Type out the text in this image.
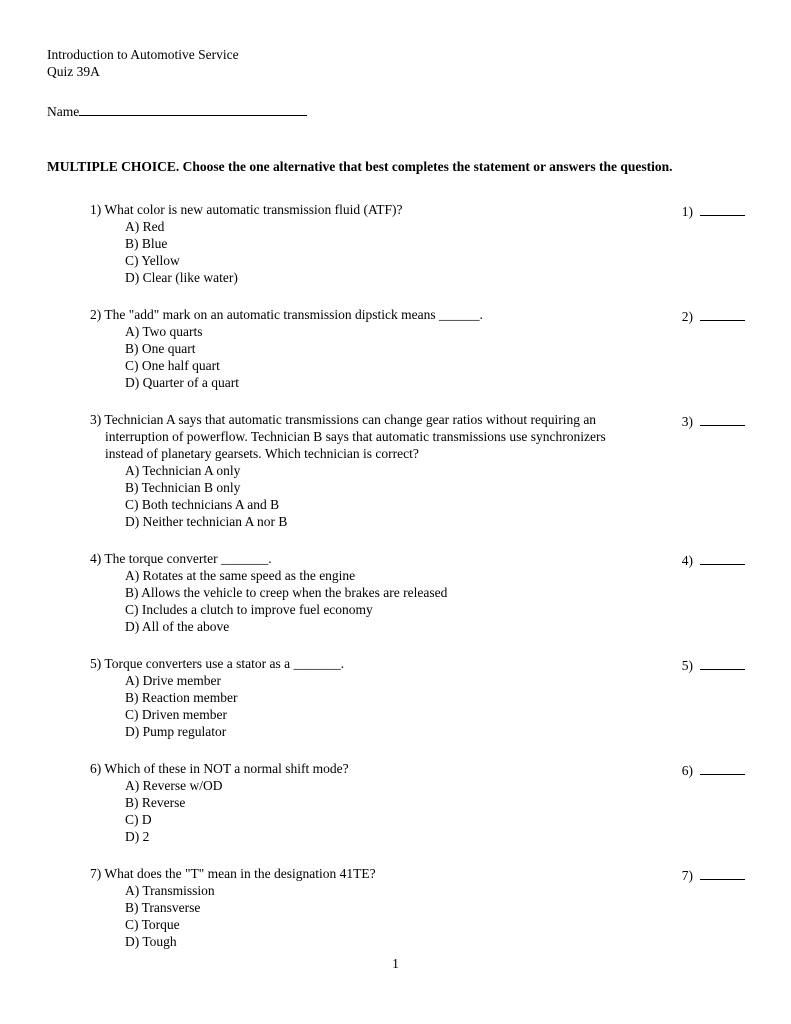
Introduction to Automotive Service
Quiz 39A
Name
MULTIPLE CHOICE. Choose the one alternative that best completes the statement or answers the question.
1) What color is new automatic transmission fluid (ATF)?
A) Red
B) Blue
C) Yellow
D) Clear (like water)
1)
2) The "add" mark on an automatic transmission dipstick means ______.
A) Two quarts
B) One quart
C) One half quart
D) Quarter of a quart
2)
3) Technician A says that automatic transmissions can change gear ratios without requiring an interruption of powerflow. Technician B says that automatic transmissions use synchronizers instead of planetary gearsets. Which technician is correct?
A) Technician A only
B) Technician B only
C) Both technicians A and B
D) Neither technician A nor B
3)
4) The torque converter _______.
A) Rotates at the same speed as the engine
B) Allows the vehicle to creep when the brakes are released
C) Includes a clutch to improve fuel economy
D) All of the above
4)
5) Torque converters use a stator as a _______.
A) Drive member
B) Reaction member
C) Driven member
D) Pump regulator
5)
6) Which of these in NOT a normal shift mode?
A) Reverse w/OD
B) Reverse
C) D
D) 2
6)
7) What does the "T" mean in the designation 41TE?
A) Transmission
B) Transverse
C) Torque
D) Tough
7)
1
